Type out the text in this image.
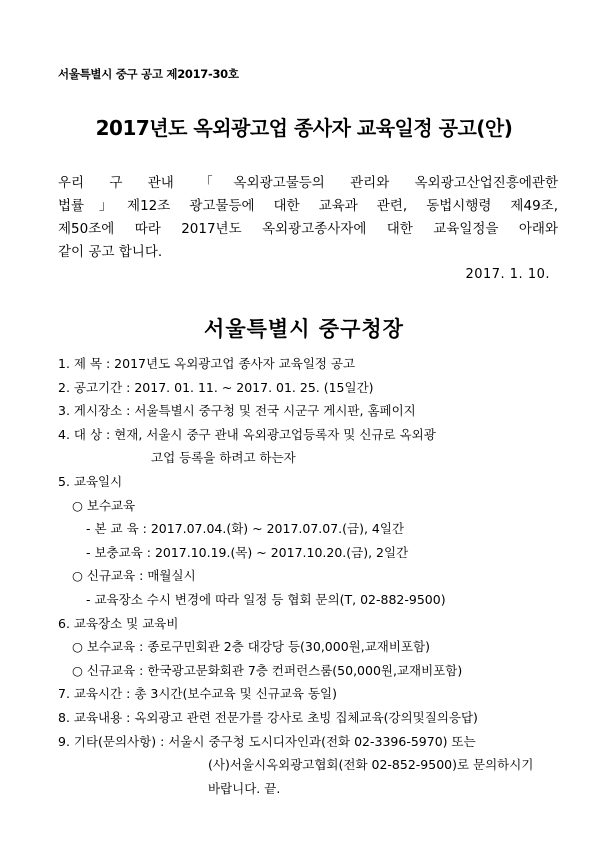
서울특별시 중구 공고 제2017-30호
2017년도 옥외광고업 종사자 교육일정 공고(안)
우리 구 관내 「옥외광고물등의 관리와 옥외광고산업진흥에관한
법률」제12조 광고물등에 대한 교육과 관련, 동법시행령 제49조,
제50조에 따라 2017년도 옥외광고종사자에 대한 교육일정을 아래와
같이 공고 합니다.
2017. 1. 10.
서울특별시 중구청장
1. 제 목 : 2017년도 옥외광고업 종사자 교육일정 공고
2. 공고기간 : 2017. 01. 11. ~ 2017. 01. 25. (15일간)
3. 게시장소 : 서울특별시 중구청 및 전국 시군구 게시판, 홈페이지
4. 대 상 : 현재, 서울시 중구 관내 옥외광고업등록자 및 신규로 옥외광
고업 등록을 하려고 하는자
5. 교육일시
○ 보수교육
- 본 교 육 : 2017.07.04.(화) ~ 2017.07.07.(금), 4일간
- 보충교육 : 2017.10.19.(목) ~ 2017.10.20.(금), 2일간
○ 신규교육 : 매월실시
- 교육장소 수시 변경에 따라 일정 등 협회 문의(T, 02-882-9500)
6. 교육장소 및 교육비
○ 보수교육 : 종로구민회관 2층 대강당 등(30,000원,교재비포함)
○ 신규교육 : 한국광고문화회관 7층 컨퍼런스룸(50,000원,교재비포함)
7. 교육시간 : 총 3시간(보수교육 및 신규교육 동일)
8. 교육내용 : 옥외광고 관련 전문가를 강사로 초빙 집체교육(강의및질의응답)
9. 기타(문의사항) : 서울시 중구청 도시디자인과(전화 02-3396-5970) 또는
(사)서울시옥외광고협회(전화 02-852-9500)로 문의하시기
바랍니다. 끝.
